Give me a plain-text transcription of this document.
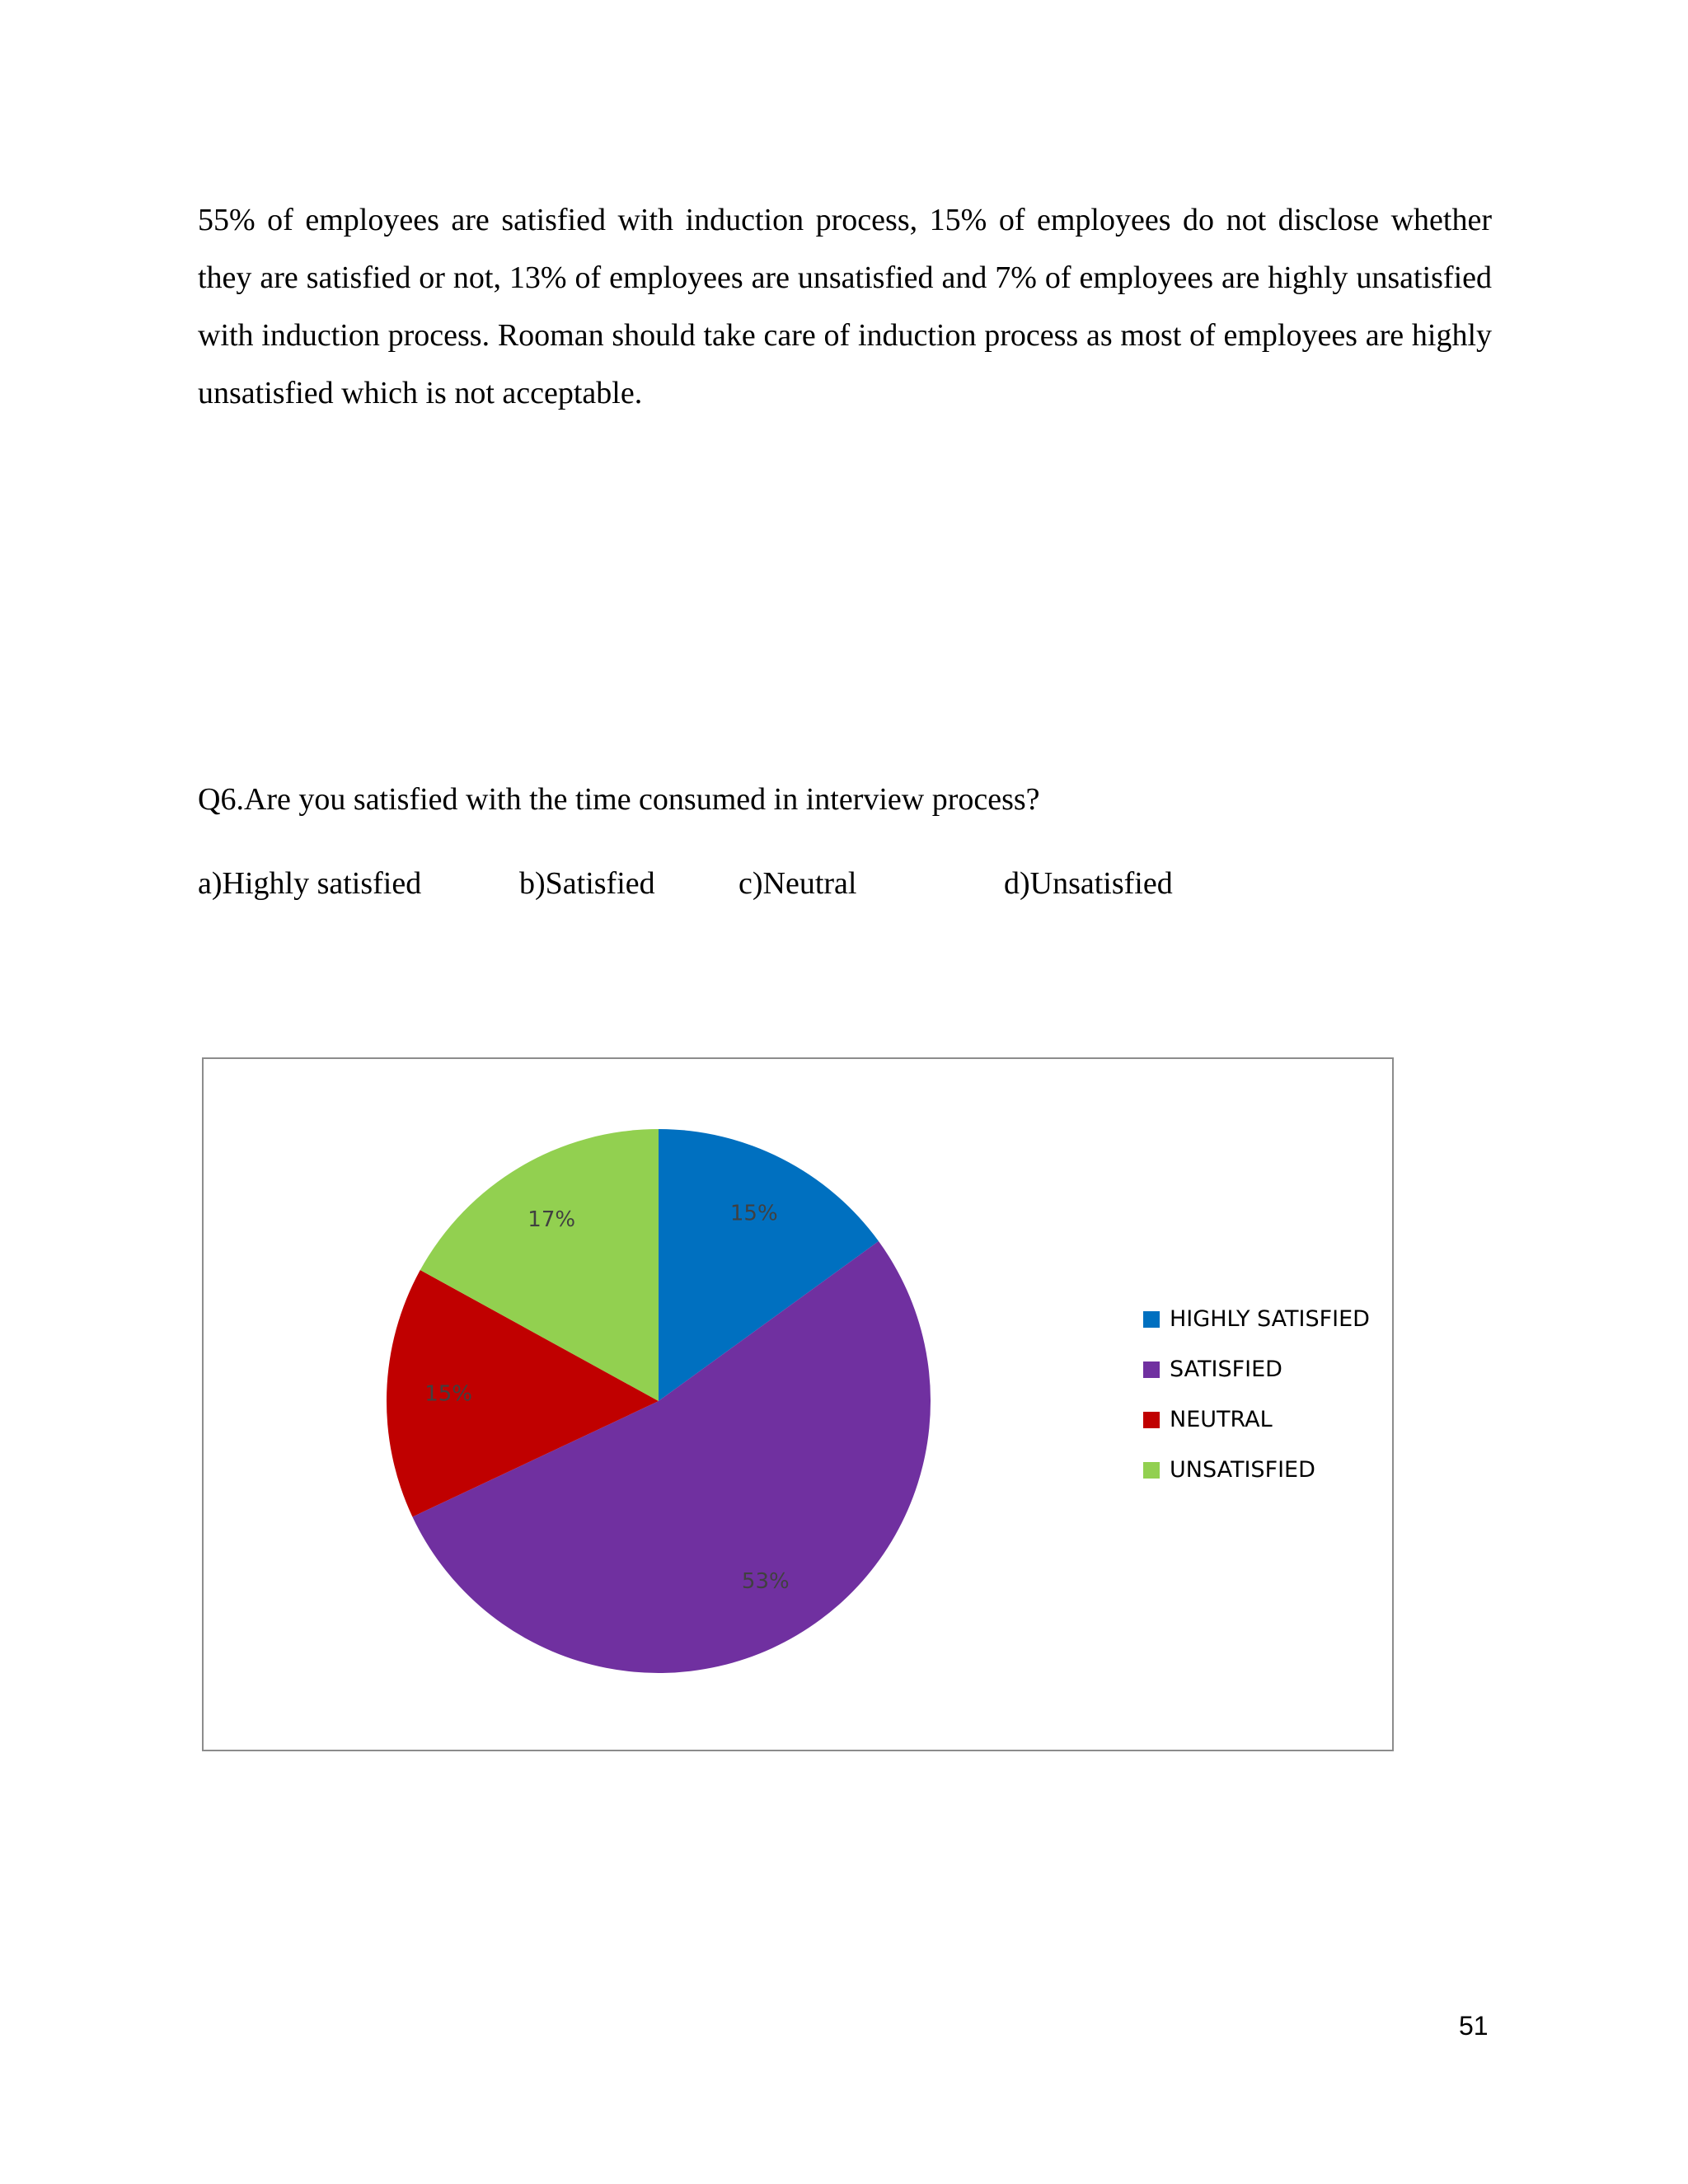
55% of employees are satisfied with induction process, 15% of employees do not disclose whether they are satisfied or not, 13% of employees are unsatisfied and 7% of employees are highly unsatisfied with induction process. Rooman should take care of induction process as most of employees are highly unsatisfied which is not acceptable.

Q6.Are you satisfied with the time consumed in interview process?

a)Highly satisfied	b)Satisfied	c)Neutral	d)Unsatisfied
15%
53%
15%
17%
HIGHLY SATISFIED
SATISFIED
NEUTRAL
UNSATISFIED

51
